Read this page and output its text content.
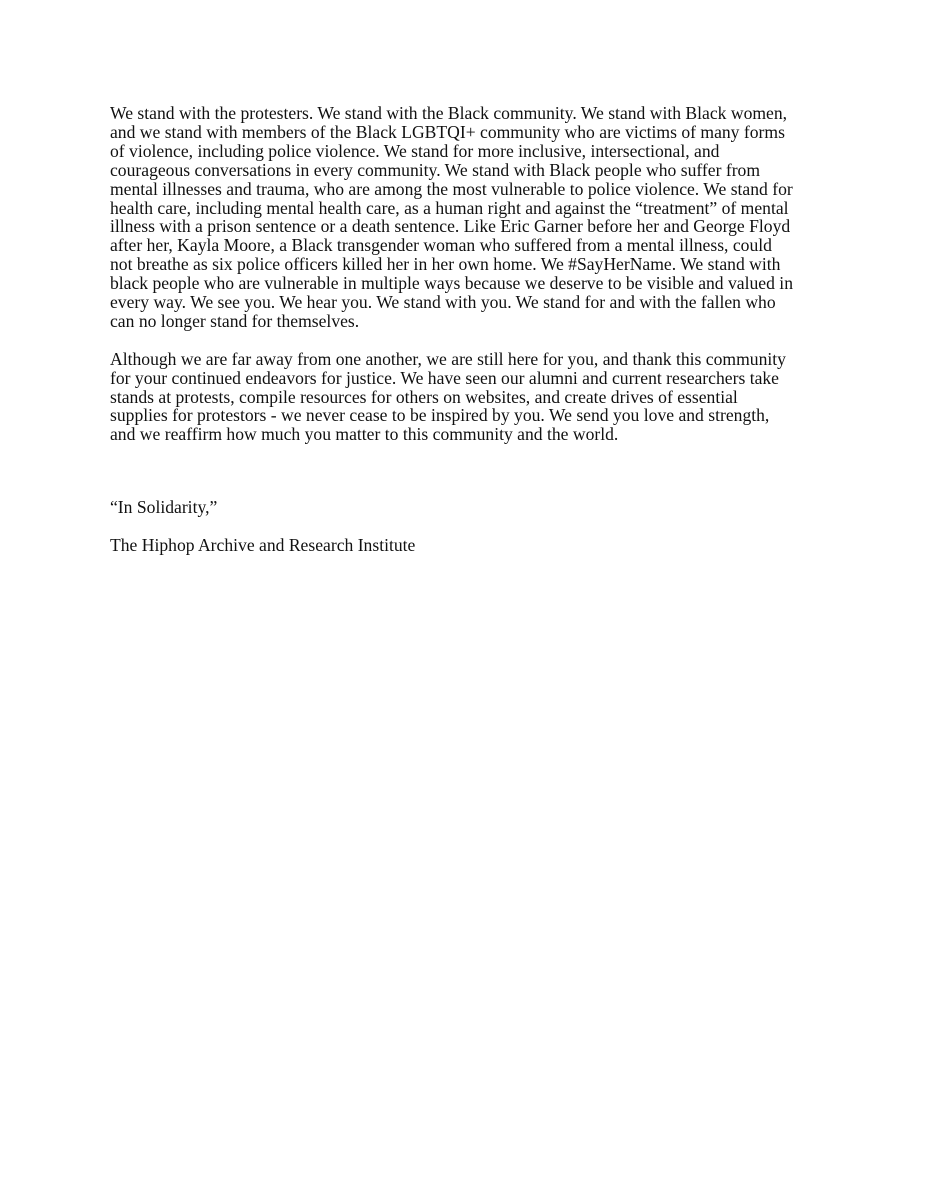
We stand with the protesters. We stand with the Black community. We stand with Black women,
and we stand with members of the Black LGBTQI+ community who are victims of many forms
of violence, including police violence. We stand for more inclusive, intersectional, and
courageous conversations in every community. We stand with Black people who suffer from
mental illnesses and trauma, who are among the most vulnerable to police violence. We stand for
health care, including mental health care, as a human right and against the “treatment” of mental
illness with a prison sentence or a death sentence. Like Eric Garner before her and George Floyd
after her, Kayla Moore, a Black transgender woman who suffered from a mental illness, could
not breathe as six police officers killed her in her own home. We #SayHerName. We stand with
black people who are vulnerable in multiple ways because we deserve to be visible and valued in
every way. We see you. We hear you. We stand with you. We stand for and with the fallen who
can no longer stand for themselves.
Although we are far away from one another, we are still here for you, and thank this community
for your continued endeavors for justice. We have seen our alumni and current researchers take
stands at protests, compile resources for others on websites, and create drives of essential
supplies for protestors - we never cease to be inspired by you. We send you love and strength,
and we reaffirm how much you matter to this community and the world.
“In Solidarity,”
The Hiphop Archive and Research Institute
